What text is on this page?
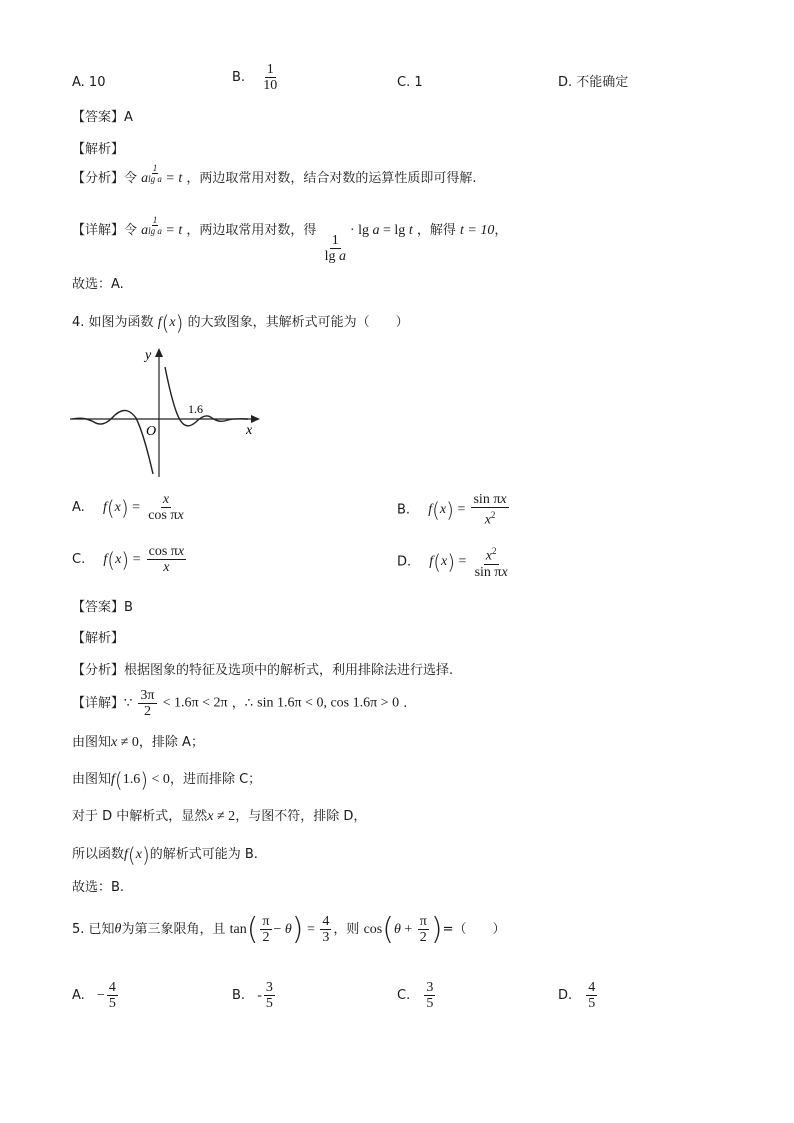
A. 10	B. $\frac{1}{10}$	C. 1	D. 不能确定
【答案】A
【解析】
【分析】令 a $\frac{1}{\text{lg a}} = t$ ，两边取常用对数，结合对数的运算性质即可得解.
【详解】令 a $\frac{1}{\text{lg a}} = t$ ，两边取常用对数，得
$\frac{1}{\text{lg a}}$
· lg a = lg t ，解得 t = 10，
故选：A.
4. 如图为函数 f(x) 的大致图象，其解析式可能为（　　）
y
x
O
1.6
A. $f(x) = \frac{x}{\text{cos πx}}$	B. $f(x) = \frac{\text{sin πx}}{x^2}$
C. $f(x) = \frac{\text{cos πx}}{x}$	D. $f(x) = \frac{x^2}{\text{sin πx}}$
【答案】B
【解析】
【分析】根据图象的特征及选项中的解析式，利用排除法进行选择.
【详解】∵ $\frac{3\pi}{2} < 1.6\pi < 2\pi$ ，∴ sin 1.6π < 0, cos 1.6π > 0 .
由图知x ≠ 0，排除 A；
由图知f(1.6) < 0，进而排除 C；
对于 D 中解析式，显然x ≠ 2，与图不符，排除 D，
所以函数f(x)的解析式可能为 B.
故选：B.
5. 已知θ为第三象限角，且 $\tan( \frac{\pi}{2} - \theta) = \frac{4}{3}$ ，则 $\cos(\theta + \frac{\pi}{2}$ )=（　　）
A. − $\frac{4}{5}$	B. - $\frac{3}{5}$	C. $\frac{3}{5}$	D. $\frac{4}{5}$
